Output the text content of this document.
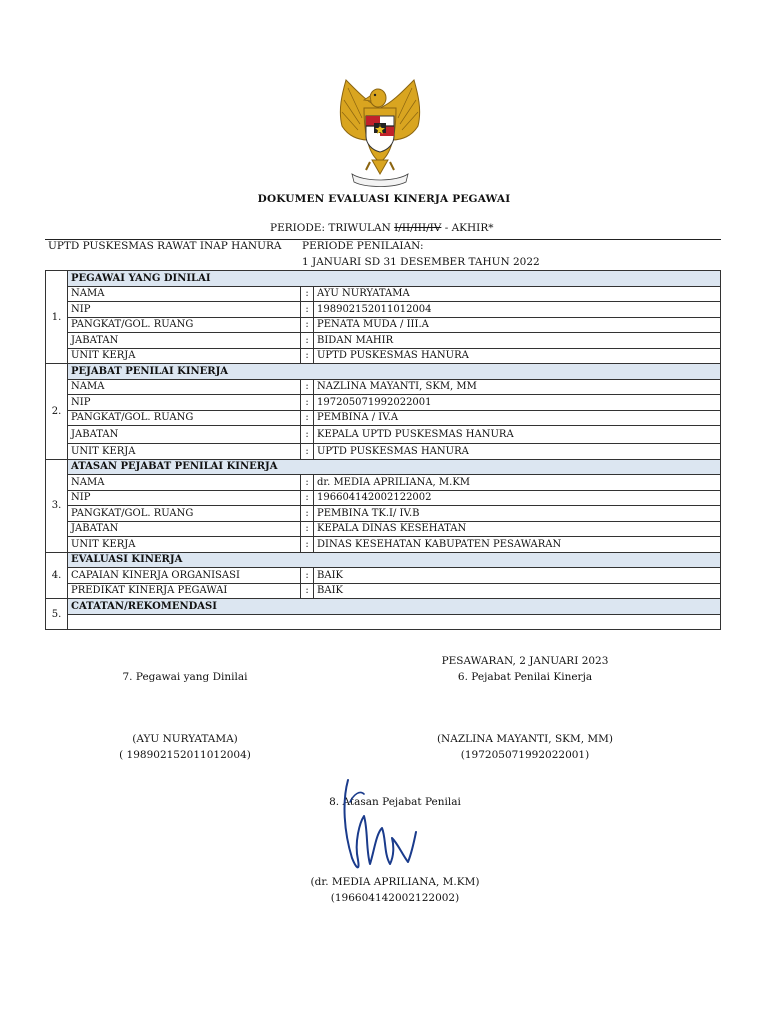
DOKUMEN EVALUASI KINERJA PEGAWAI
PERIODE: TRIWULAN I/II/III/IV - AKHIR*
UPTD PUSKESMAS RAWAT INAP HANURA PERIODE PENILAIAN:
1 JANUARI SD 31 DESEMBER TAHUN 2022
1.	PEGAWAI YANG DINILAI		
	NAMA	:	AYU NURYATAMA
	NIP	:	198902152011012004
	PANGKAT/GOL. RUANG	:	PENATA MUDA / III.A
	JABATAN	:	BIDAN MAHIR
	UNIT KERJA	:	UPTD PUSKESMAS HANURA
2.	PEJABAT PENILAI KINERJA		
	NAMA	:	NAZLINA MAYANTI, SKM, MM
	NIP	:	197205071992022001
	PANGKAT/GOL. RUANG	:	PEMBINA / IV.A
	JABATAN	:	KEPALA UPTD PUSKESMAS HANURA
	UNIT KERJA	:	UPTD PUSKESMAS HANURA
3.	ATASAN PEJABAT PENILAI KINERJA		
	NAMA	:	dr. MEDIA APRILIANA, M.KM
	NIP	:	196604142002122002
	PANGKAT/GOL. RUANG	:	PEMBINA TK.I/ IV.B
	JABATAN	:	KEPALA DINAS KESEHATAN
	UNIT KERJA	:	DINAS KESEHATAN KABUPATEN PESAWARAN
4.	EVALUASI KINERJA		
	CAPAIAN KINERJA ORGANISASI	:	BAIK
	PREDIKAT KINERJA PEGAWAI	:	BAIK
5.	CATATAN/REKOMENDASI		

PESAWARAN, 2 JANUARI 2023
7. Pegawai yang Dinilai	6. Pejabat Penilai Kinerja
(AYU NURYATAMA)
( 198902152011012004)
(NAZLINA MAYANTI, SKM, MM)
(197205071992022001)
8. Atasan Pejabat Penilai
(dr. MEDIA APRILIANA, M.KM)
(196604142002122002)
